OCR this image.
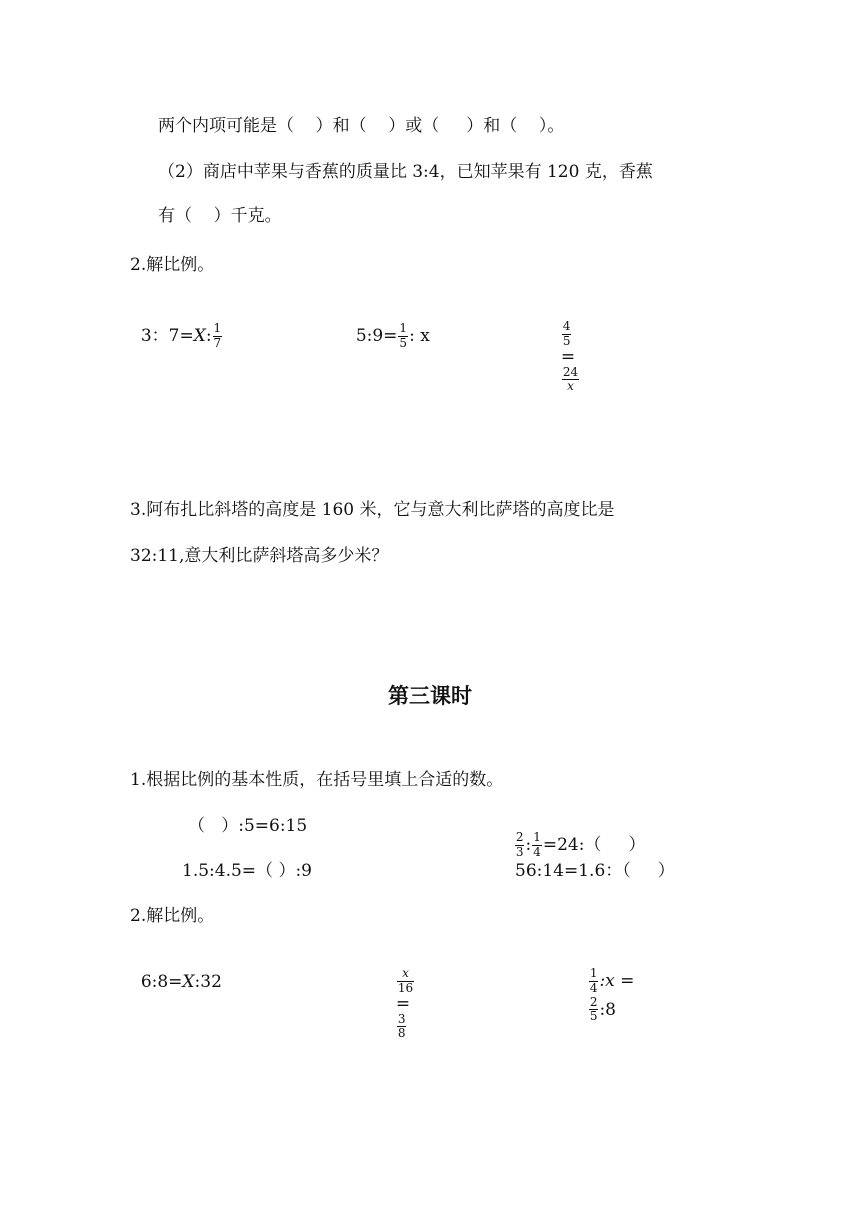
两个内项可能是（    ）和（    ）或（     ）和（    ）。
（2）商店中苹果与香蕉的质量比 3:4，已知苹果有 120 克，香蕉
有（    ）千克。
2.解比例。

3：7=X: $\frac{1}{7}$	5:9= $\frac{1}{5}$ : x

	$\frac{4}{5}$

=

$\frac{24}{x}$

3.阿布扎比斜塔的高度是 160 米，它与意大利比萨塔的高度比是
32:11,意大利比萨斜塔高多少米？
第三课时
1.根据比例的基本性质，在括号里填上合适的数。
（   ）:5=6:15

$\frac{2}{3}$ : $\frac{1}{4}$ =24:（     ）

1.5:4.5=（ ）:9	56:14=1.6：（     ）
2.解比例。

6:8=X:32

	$\frac{x}{16}$

=

$\frac{3}{8}$

$\frac{1}{4}$ :x =

$\frac{2}{5}$ :8
